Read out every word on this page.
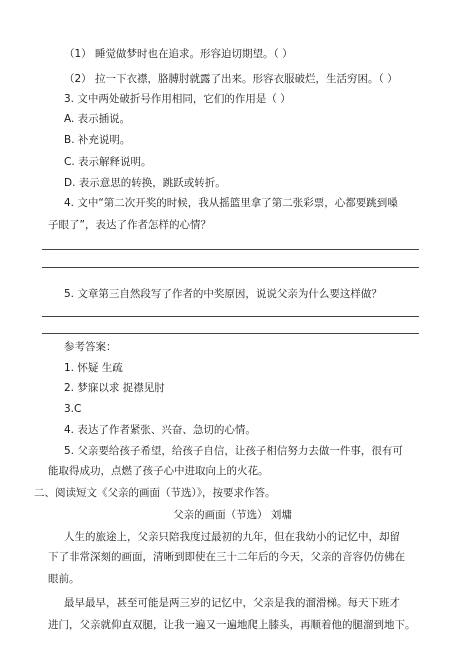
（1） 睡觉做梦时也在追求。形容迫切期望。（ ）
（2） 拉一下衣襟，胳膊肘就露了出来。形容衣服破烂，生活穷困。（ ）
3. 文中两处破折号作用相同，它们的作用是（ ）
A. 表示插说。
B. 补充说明。
C. 表示解释说明。
D. 表示意思的转换，跳跃或转折。
4. 文中“第二次开奖的时候，我从摇篮里拿了第二张彩票，心都要跳到嗓
子眼了”，表达了作者怎样的心情？
5. 文章第三自然段写了作者的中奖原因，说说父亲为什么要这样做？
参考答案：
1. 怀疑 生疏
2. 梦寐以求 捉襟见肘
3.C
4. 表达了作者紧张、兴奋、急切的心情。
5. 父亲要给孩子希望，给孩子自信，让孩子相信努力去做一件事，很有可
能取得成功，点燃了孩子心中进取向上的火花。
二、阅读短文《父亲的画面（节选）》，按要求作答。
父亲的画面（节选） 刘墉
人生的旅途上，父亲只陪我度过最初的九年，但在我幼小的记忆中，却留
下了非常深刻的画面，清晰到即使在三十二年后的今天，父亲的音容仍仿佛在
眼前。
最早最早，甚至可能是两三岁的记忆中，父亲是我的溜滑梯。每天下班才
进门，父亲就仰直双腿，让我一遍又一遍地爬上膝头，再顺着他的腿溜到地下。
